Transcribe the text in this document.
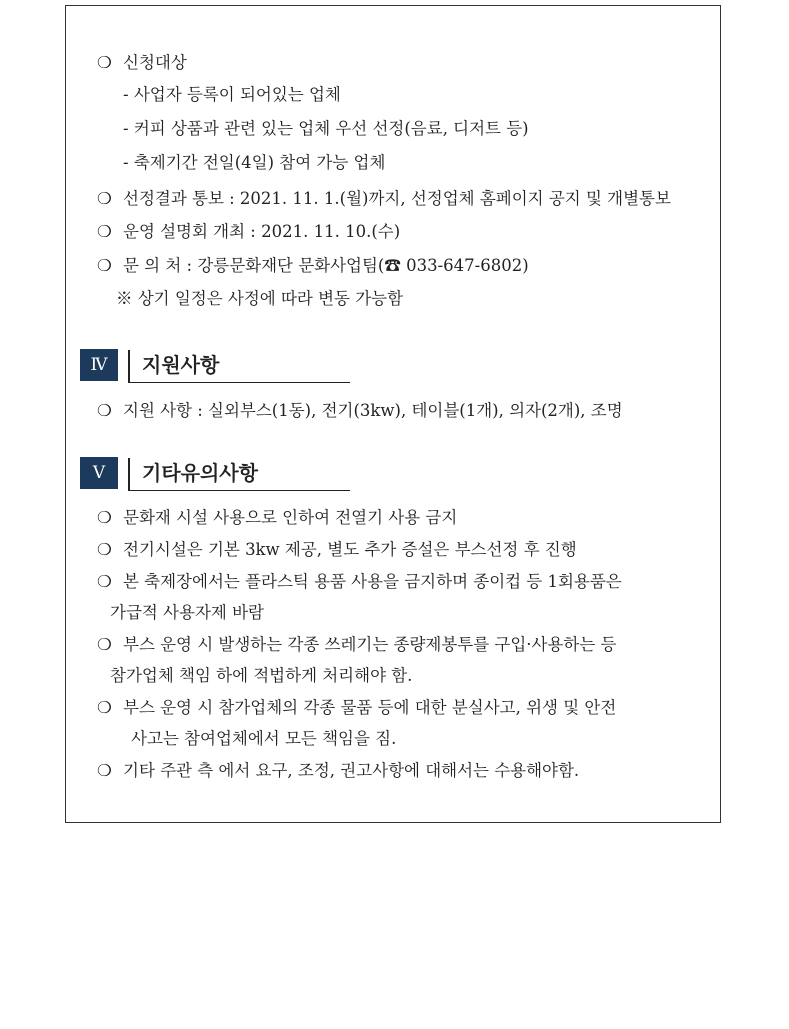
❍ 신청대상
- 사업자 등록이 되어있는 업체
- 커피 상품과 관련 있는 업체 우선 선정(음료, 디저트 등)
- 축제기간 전일(4일) 참여 가능 업체
❍ 선정결과 통보 : 2021. 11. 1.(월)까지, 선정업체 홈페이지 공지 및 개별통보
❍ 운영 설명회 개최 : 2021. 11. 10.(수)
❍ 문 의 처 : 강릉문화재단 문화사업팀(☎ 033-647-6802)
※ 상기 일정은 사정에 따라 변동 가능함
Ⅳ	지원사항
❍ 지원 사항 : 실외부스(1동), 전기(3kw), 테이블(1개), 의자(2개), 조명
Ⅴ	기타유의사항
❍ 문화재 시설 사용으로 인하여 전열기 사용 금지
❍ 전기시설은 기본 3kw 제공, 별도 추가 증설은 부스선정 후 진행
❍ 본 축제장에서는 플라스틱 용품 사용을 금지하며 종이컵 등 1회용품은
가급적 사용자제 바람
❍ 부스 운영 시 발생하는 각종 쓰레기는 종량제봉투를 구입·사용하는 등
참가업체 책임 하에 적법하게 처리해야 함.
❍ 부스 운영 시 참가업체의 각종 물품 등에 대한 분실사고, 위생 및 안전
사고는 참여업체에서 모든 책임을 짐.
❍ 기타 주관 측 에서 요구, 조정, 권고사항에 대해서는 수용해야함.
